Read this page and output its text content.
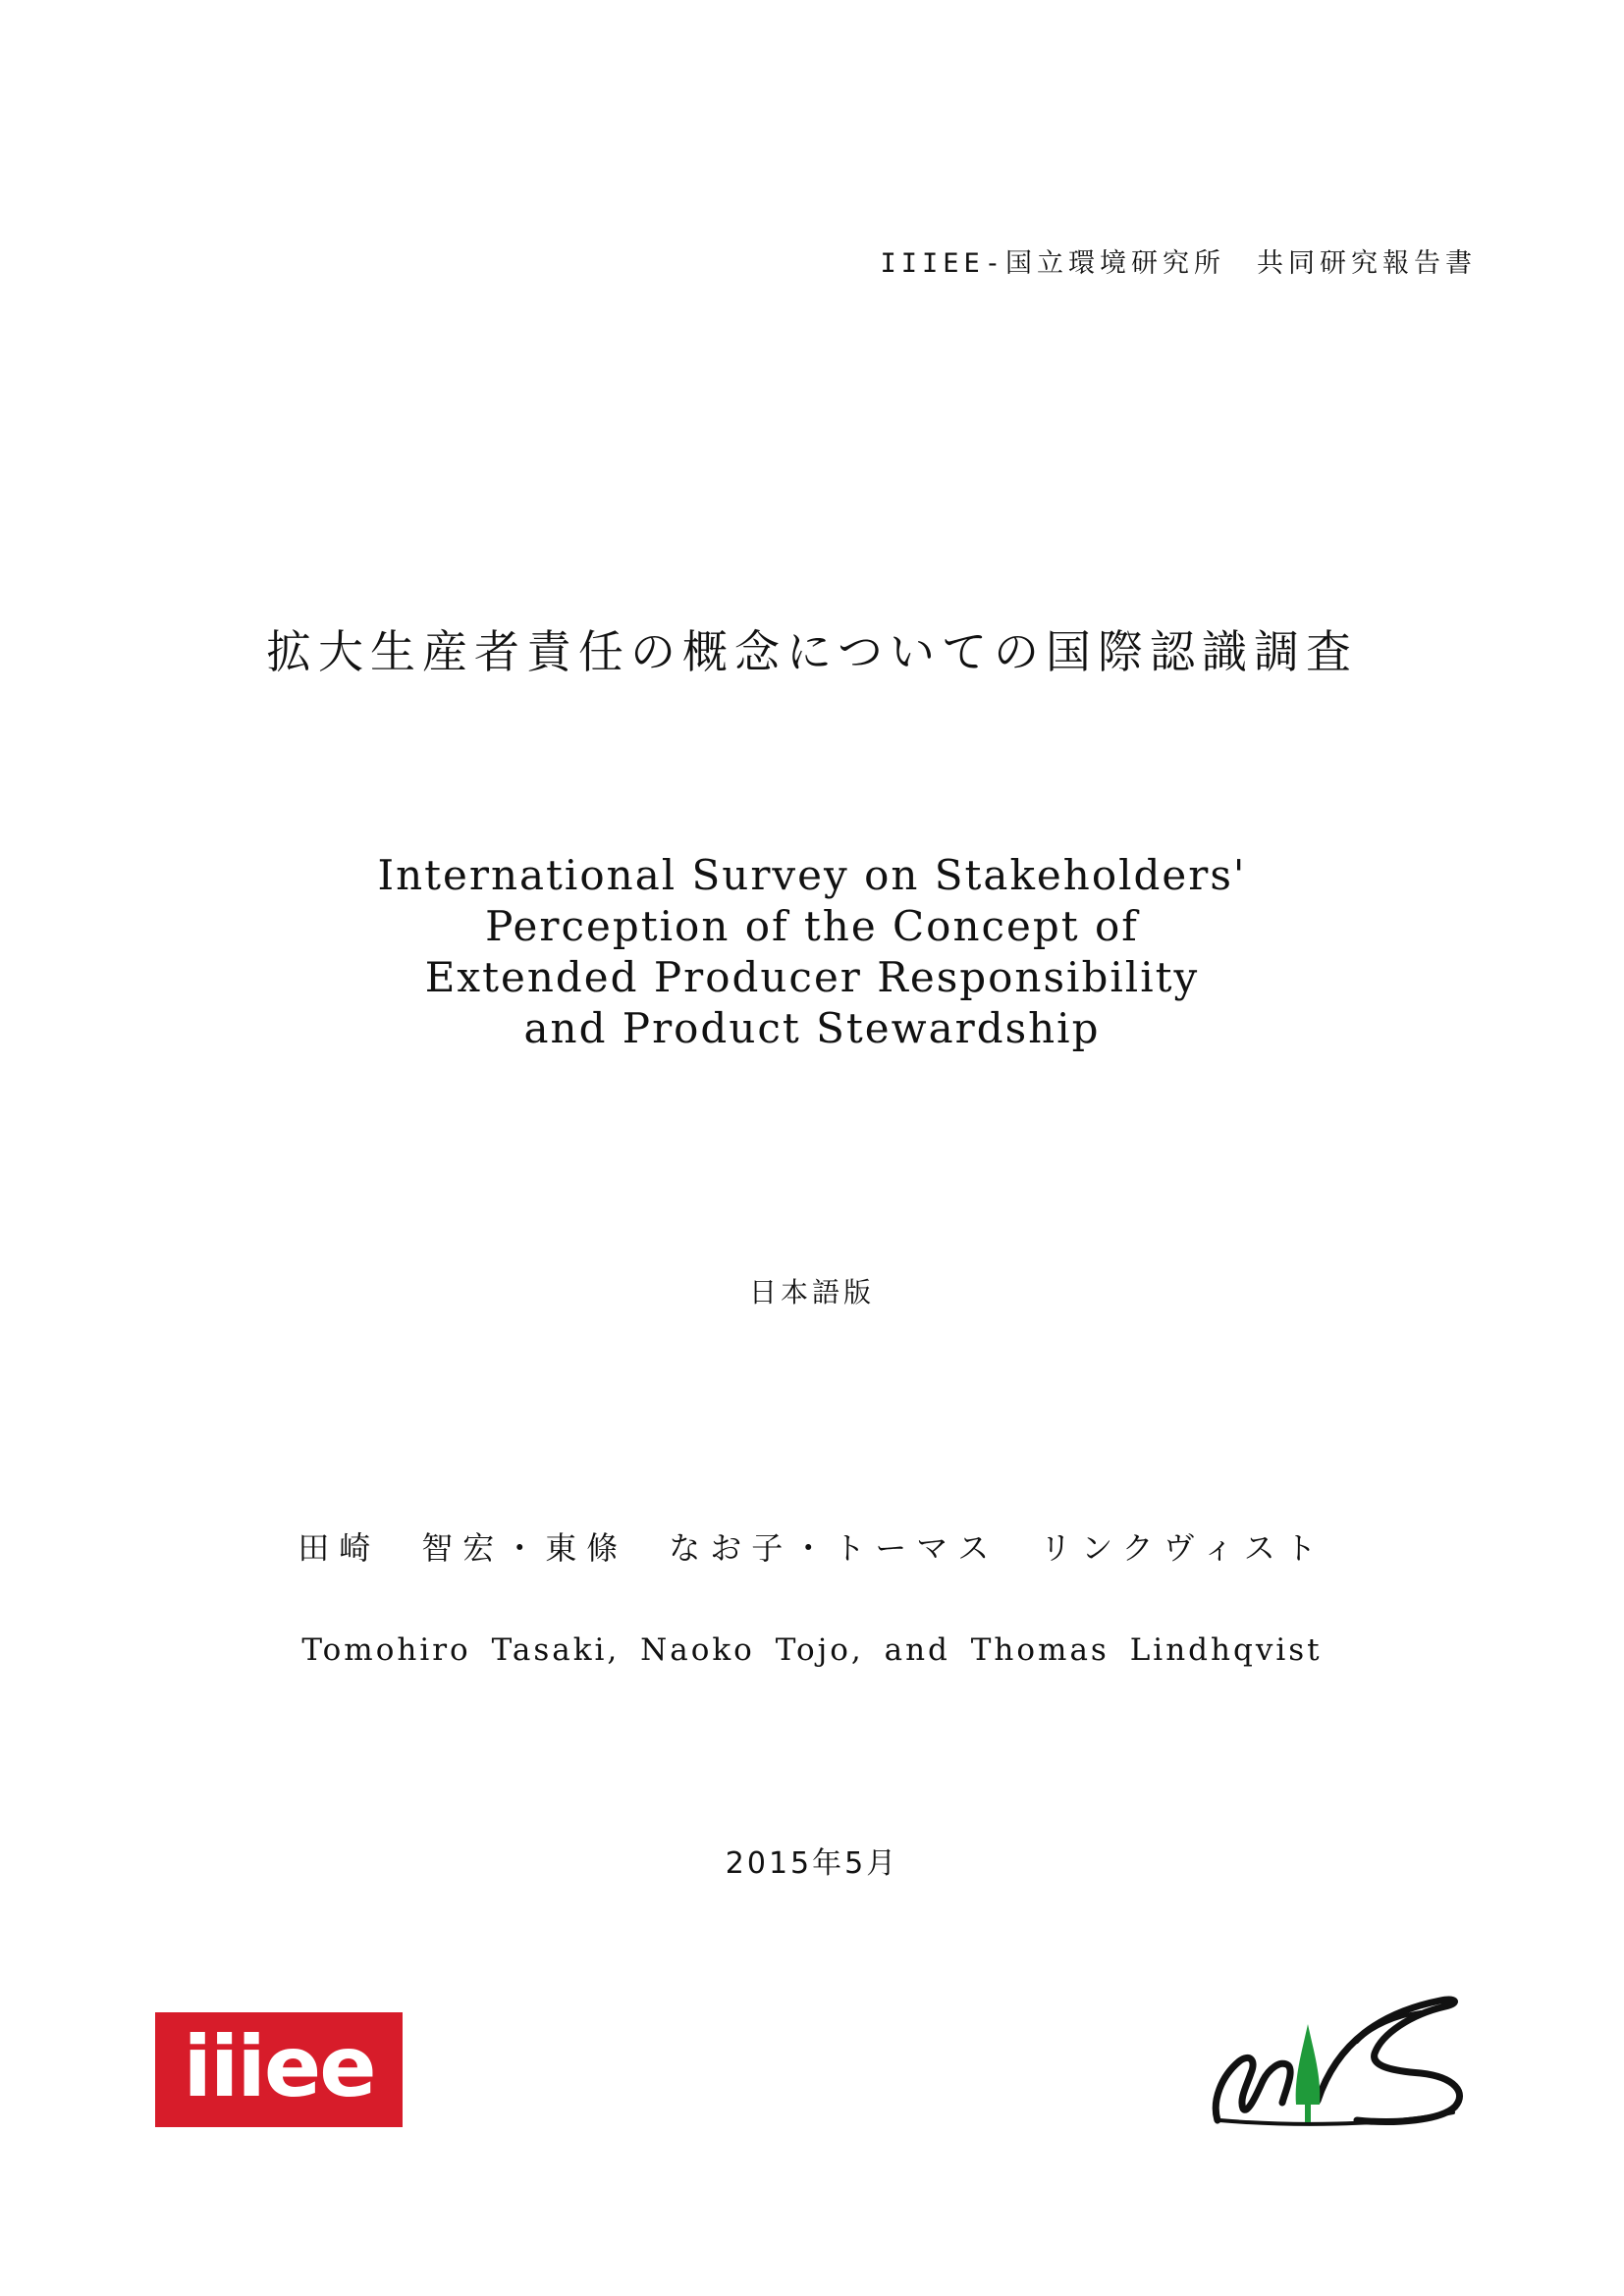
IIIEE-国立環境研究所　共同研究報告書
拡大生産者責任の概念についての国際認識調査
International Survey on Stakeholders'
Perception of the Concept of
Extended Producer Responsibility
and Product Stewardship
日本語版
田崎　智宏・東條　なお子・トーマス　リンクヴィスト
Tomohiro Tasaki, Naoko Tojo, and Thomas Lindhqvist
2015年5月
iiiee
